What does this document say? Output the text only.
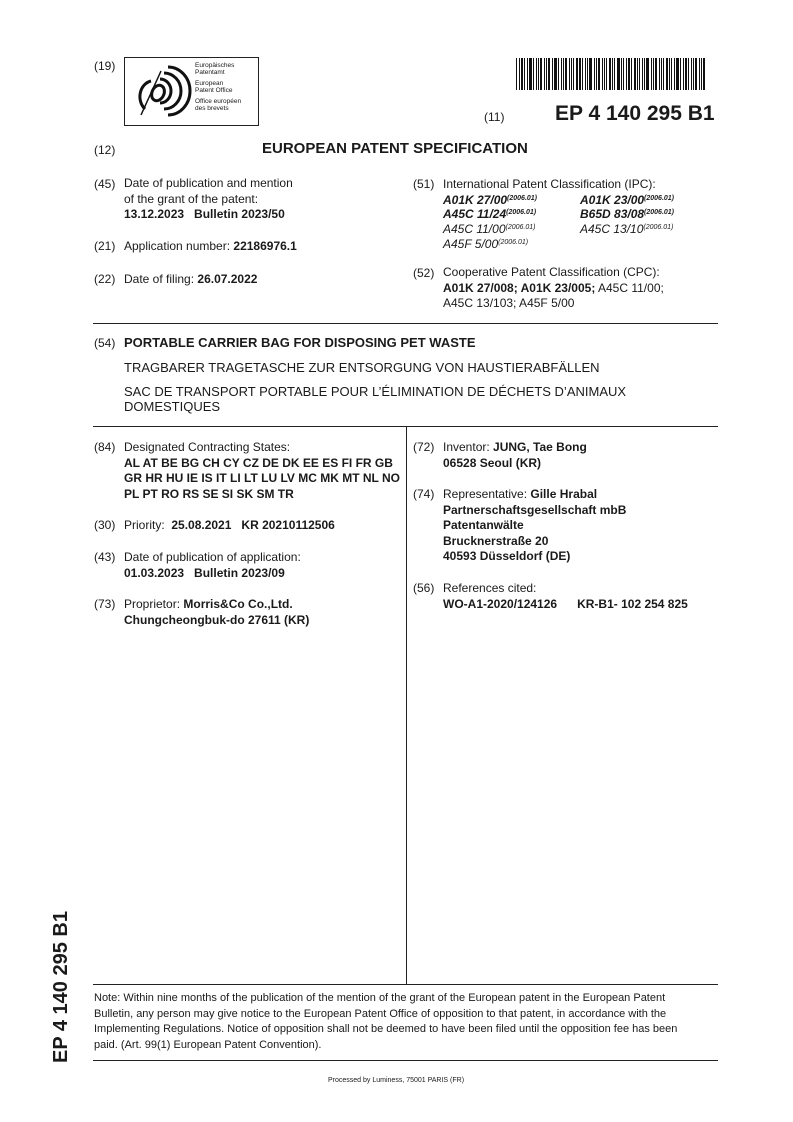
(19)	Europäisches
Patentamt
European
Patent Office
Office européen
des brevets
(11) EP 4 140 295 B1
(12)	EUROPEAN PATENT SPECIFICATION
(45) Date of publication and mention
of the grant of the patent:
13.12.2023   Bulletin 2023/50
(21) Application number: 22186976.1
(22) Date of filing: 26.07.2022
(51) International Patent Classification (IPC):
A01K $27/00^{(2006.01)}$	A01K $23/00^{(2006.01)}$
A45C $11/24^{(2006.01)}$	B65D $83/08^{(2006.01)}$
A45C $11/00^{(2006.01)}$	A45C $13/10^{(2006.01)}$
A45F $5/00^{(2006.01)}$
(52) Cooperative Patent Classification (CPC):
A01K 27/008; A01K 23/005; A45C 11/00;
A45C 13/103; A45F 5/00
(54) PORTABLE CARRIER BAG FOR DISPOSING PET WASTE
TRAGBARER TRAGETASCHE ZUR ENTSORGUNG VON HAUSTIERABFÄLLEN
SAC DE TRANSPORT PORTABLE POUR L’ÉLIMINATION DE DÉCHETS D’ANIMAUX
DOMESTIQUES
(84) Designated Contracting States:
AL AT BE BG CH CY CZ DE DK EE ES FI FR GB
GR HR HU IE IS IT LI LT LU LV MC MK MT NL NO
PL PT RO RS SE SI SK SM TR
(30) Priority: 25.08.2021   KR 20210112506
(43) Date of publication of application:
01.03.2023   Bulletin 2023/09
(73) Proprietor: Morris&Co Co.,Ltd.
Chungcheongbuk-do 27611 (KR)
(72) Inventor: JUNG, Tae Bong
06528 Seoul (KR)
(74) Representative: Gille Hrabal
Partnerschaftsgesellschaft mbB
Patentanwälte
Brucknerstraße 20
40593 Düsseldorf (DE)
(56) References cited:
WO-A1-2020/124126 KR-B1- 102 254 825
Note: Within nine months of the publication of the mention of the grant of the European patent in the European Patent
Bulletin, any person may give notice to the European Patent Office of opposition to that patent, in accordance with the
Implementing Regulations. Notice of opposition shall not be deemed to have been filed until the opposition fee has been
paid. (Art. 99(1) European Patent Convention).
Processed by Luminess, 75001 PARIS (FR)
EP 4 140 295 B1
